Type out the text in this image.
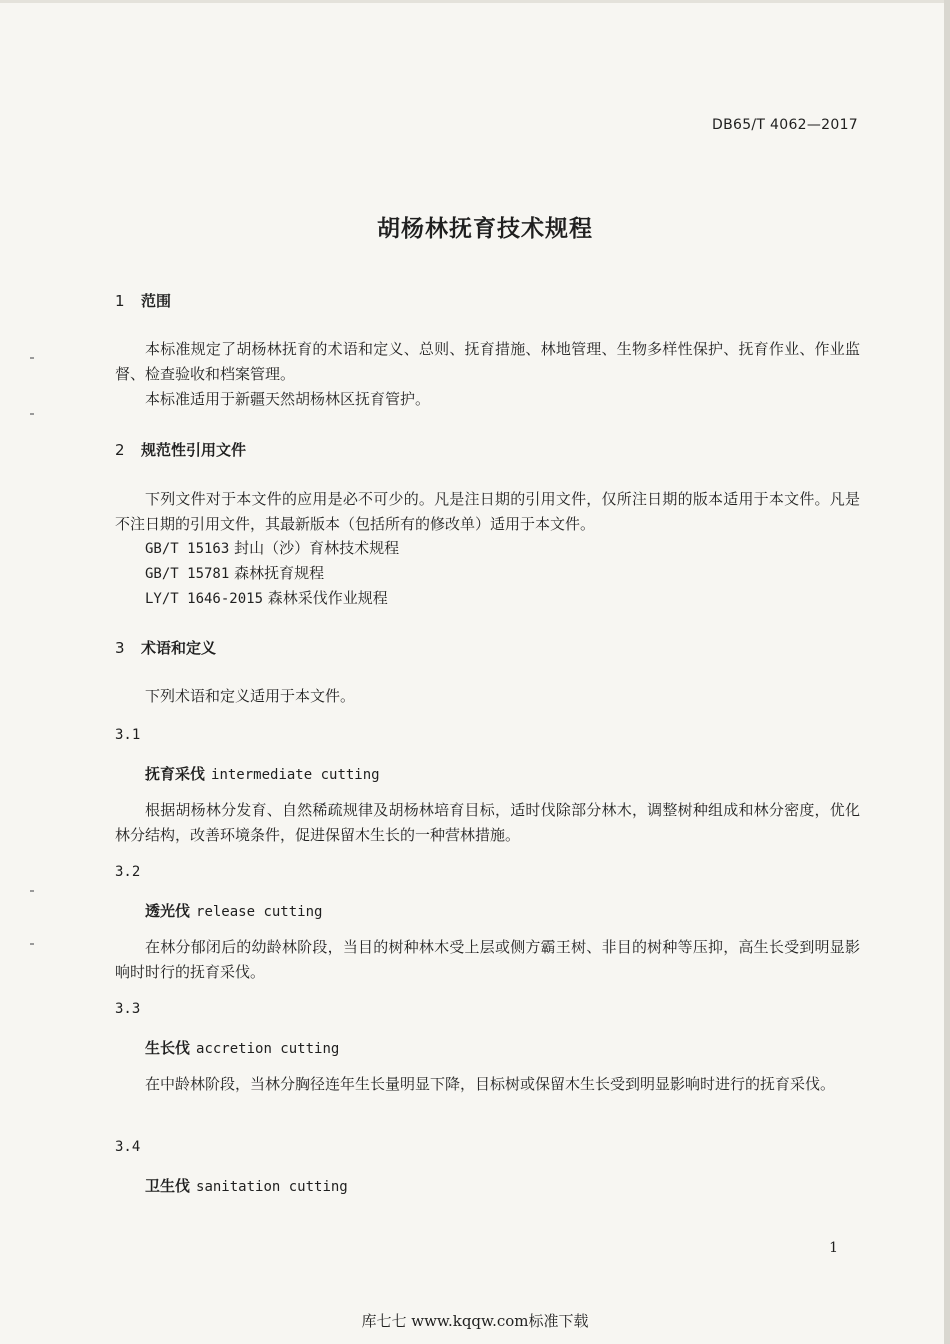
DB65/T 4062—2017
胡杨林抚育技术规程
1 范围
本标准规定了胡杨林抚育的术语和定义、总则、抚育措施、林地管理、生物多样性保护、抚育作业、作业监督、检查验收和档案管理。
本标准适用于新疆天然胡杨林区抚育管护。
2 规范性引用文件
下列文件对于本文件的应用是必不可少的。凡是注日期的引用文件，仅所注日期的版本适用于本文件。凡是不注日期的引用文件，其最新版本（包括所有的修改单）适用于本文件。
GB/T 15163 封山（沙）育林技术规程
GB/T 15781 森林抚育规程
LY/T 1646-2015 森林采伐作业规程
3 术语和定义
下列术语和定义适用于本文件。
3.1
抚育采伐 intermediate cutting
根据胡杨林分发育、自然稀疏规律及胡杨林培育目标，适时伐除部分林木，调整树种组成和林分密度，优化林分结构，改善环境条件，促进保留木生长的一种营林措施。
3.2
透光伐 release cutting
在林分郁闭后的幼龄林阶段，当目的树种林木受上层或侧方霸王树、非目的树种等压抑，高生长受到明显影响时时行的抚育采伐。
3.3
生长伐 accretion cutting
在中龄林阶段，当林分胸径连年生长量明显下降，目标树或保留木生长受到明显影响时进行的抚育采伐。
3.4
卫生伐 sanitation cutting
1
库七七 www.kqqw.com标准下载
